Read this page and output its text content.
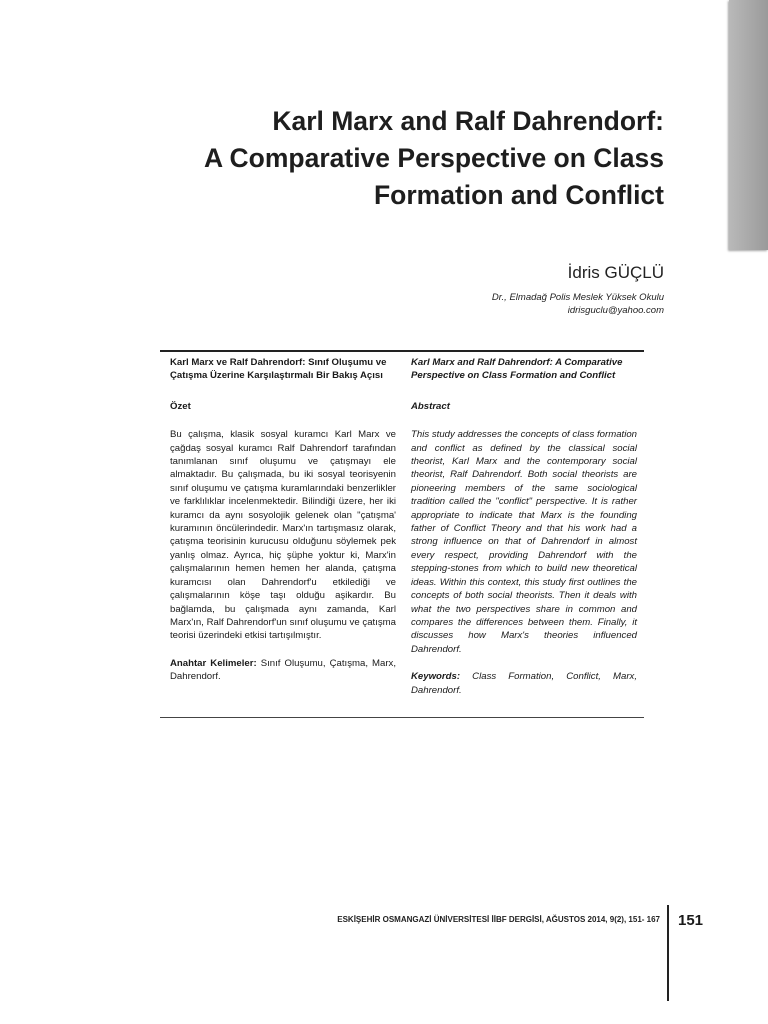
Karl Marx and Ralf Dahrendorf:
A Comparative Perspective on Class
Formation and Conflict
İdris GÜÇLÜ
Dr., Elmadağ Polis Meslek Yüksek Okulu
idrisguclu@yahoo.com

Karl Marx ve Ralf Dahrendorf: Sınıf Oluşumu ve Çatışma Üzerine Karşılaştırmalı Bir Bakış Açısı

Özet

Bu çalışma, klasik sosyal kuramcı Karl Marx ve çağdaş sosyal kuramcı Ralf Dahrendorf tarafından tanımlanan sınıf oluşumu ve çatışmayı ele almaktadır. Bu çalışmada, bu iki sosyal teorisyenin sınıf oluşumu ve çatışma kuramlarındaki benzerlikler ve farklılıklar incelenmektedir. Bilindiği üzere, her iki kuramcı da aynı sosyolojik gelenek olan "çatışma' kuramının öncülerindedir. Marx'ın tartışmasız olarak, çatışma teorisinin kurucusu olduğunu söylemek pek yanlış olmaz. Ayrıca, hiç şüphe yoktur ki, Marx'in çalışmalarının hemen hemen her alanda, çatışma kuramcısı olan Dahrendorf'u etkilediği ve çalışmalarının köşe taşı olduğu aşikardır. Bu bağlamda, bu çalışmada aynı zamanda, Karl Marx'ın, Ralf Dahrendorf'un sınıf oluşumu ve çatışma teorisi üzerindeki etkisi tartışılmıştır.

Anahtar Kelimeler: Sınıf Oluşumu, Çatışma, Marx, Dahrendorf.

Karl Marx and Ralf Dahrendorf: A Comparative Perspective on Class Formation and Conflict

Abstract

This study addresses the concepts of class formation and conflict as defined by the classical social theorist, Karl Marx and the contemporary social theorist, Ralf Dahrendorf. Both social theorists are pioneering members of the same sociological tradition called the "conflict" perspective. It is rather appropriate to indicate that Marx is the founding father of Conflict Theory and that his work had a strong influence on that of Dahrendorf in almost every respect, providing Dahrendorf with the stepping-stones from which to build new theoretical ideas. Within this context, this study first outlines the concepts of both social theorists. Then it deals with what the two perspectives share in common and compares the differences between them. Finally, it discusses how Marx's theories influenced Dahrendorf.

Keywords: Class Formation, Conflict, Marx, Dahrendorf.

ESKİŞEHİR OSMANGAZİ ÜNİVERSİTESİ İİBF DERGİSİ, AĞUSTOS 2014, 9(2), 151- 167 151
